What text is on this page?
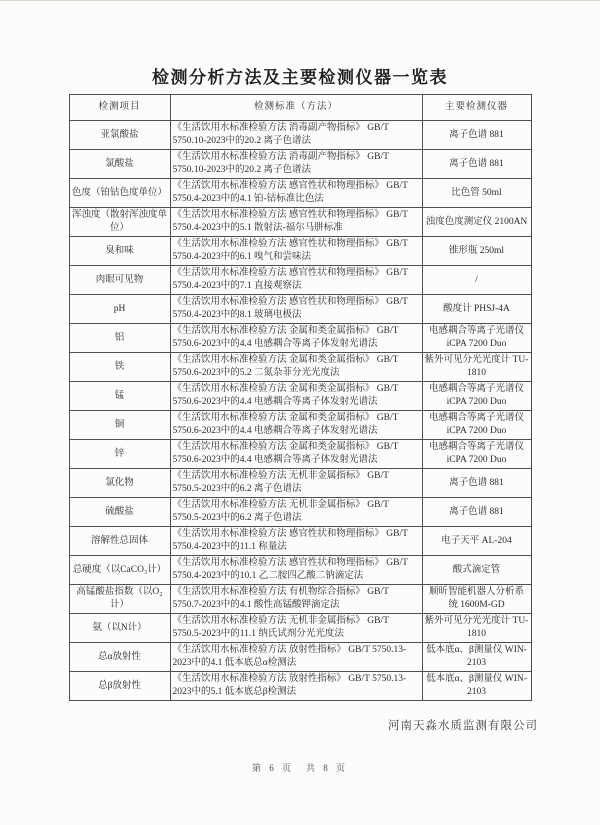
检测分析方法及主要检测仪器一览表
检测项目	检测标准（方法）	主要检测仪器
亚氯酸盐	《生活饮用水标准检验方法 消毒副产物指标》 GB/T 5750.10-2023中的20.2 离子色谱法	离子色谱 881
氯酸盐	《生活饮用水标准检验方法 消毒副产物指标》 GB/T 5750.10-2023中的20.2 离子色谱法	离子色谱 881
色度（铂钴色度单位）	《生活饮用水标准检验方法 感官性状和物理指标》 GB/T 5750.4-2023中的4.1 铂-钴标准比色法	比色管 50ml
浑浊度（散射浑浊度单位）	《生活饮用水标准检验方法 感官性状和物理指标》 GB/T 5750.4-2023中的5.1 散射法-福尔马肼标准	浊度色度测定仪 2100AN
臭和味	《生活饮用水标准检验方法 感官性状和物理指标》 GB/T 5750.4-2023中的6.1 嗅气和尝味法	锥形瓶 250ml
肉眼可见物	《生活饮用水标准检验方法 感官性状和物理指标》 GB/T 5750.4-2023中的7.1 直接观察法	/
pH	《生活饮用水标准检验方法 感官性状和物理指标》 GB/T 5750.4-2023中的8.1 玻璃电极法	酸度计 PHSJ-4A
铝	《生活饮用水标准检验方法 金属和类金属指标》 GB/T 5750.6-2023中的4.4 电感耦合等离子体发射光谱法	电感耦合等离子光谱仪 iCPA 7200 Duo
铁	《生活饮用水标准检验方法 金属和类金属指标》 GB/T 5750.6-2023中的5.2 二氮杂菲分光光度法	紫外可见分光光度计 TU-1810
锰	《生活饮用水标准检验方法 金属和类金属指标》 GB/T 5750.6-2023中的4.4 电感耦合等离子体发射光谱法	电感耦合等离子光谱仪 iCPA 7200 Duo
铜	《生活饮用水标准检验方法 金属和类金属指标》 GB/T 5750.6-2023中的4.4 电感耦合等离子体发射光谱法	电感耦合等离子光谱仪 iCPA 7200 Duo
锌	《生活饮用水标准检验方法 金属和类金属指标》 GB/T 5750.6-2023中的4.4 电感耦合等离子体发射光谱法	电感耦合等离子光谱仪 iCPA 7200 Duo
氯化物	《生活饮用水标准检验方法 无机非金属指标》 GB/T 5750.5-2023中的6.2 离子色谱法	离子色谱 881
硫酸盐	《生活饮用水标准检验方法 无机非金属指标》 GB/T 5750.5-2023中的6.2 离子色谱法	离子色谱 881
溶解性总固体	《生活饮用水标准检验方法 感官性状和物理指标》 GB/T 5750.4-2023中的11.1 称量法	电子天平 AL-204
总硬度（以CaCO₃计）	《生活饮用水标准检验方法 感官性状和物理指标》 GB/T 5750.4-2023中的10.1 乙二胺四乙酸二钠滴定法	酸式滴定管
高锰酸盐指数（以O₂计）	《生活饮用水标准检验方法 有机物综合指标》 GB/T 5750.7-2023中的4.1 酸性高锰酸钾滴定法	顺昕智能机器人分析系统 1600M-GD
氨（以N计）	《生活饮用水标准检验方法 无机非金属指标》 GB/T 5750.5-2023中的11.1 纳氏试剂分光光度法	紫外可见分光光度计 TU-1810
总α放射性	《生活饮用水标准检验方法 放射性指标》 GB/T 5750.13-2023中的4.1 低本底总α检测法	低本底α、β测量仪 WIN-2103
总β放射性	《生活饮用水标准检验方法 放射性指标》 GB/T 5750.13-2023中的5.1 低本底总β检测法	低本底α、β测量仪 WIN-2103
河南天淼水质监测有限公司
第 6 页　共 8 页
